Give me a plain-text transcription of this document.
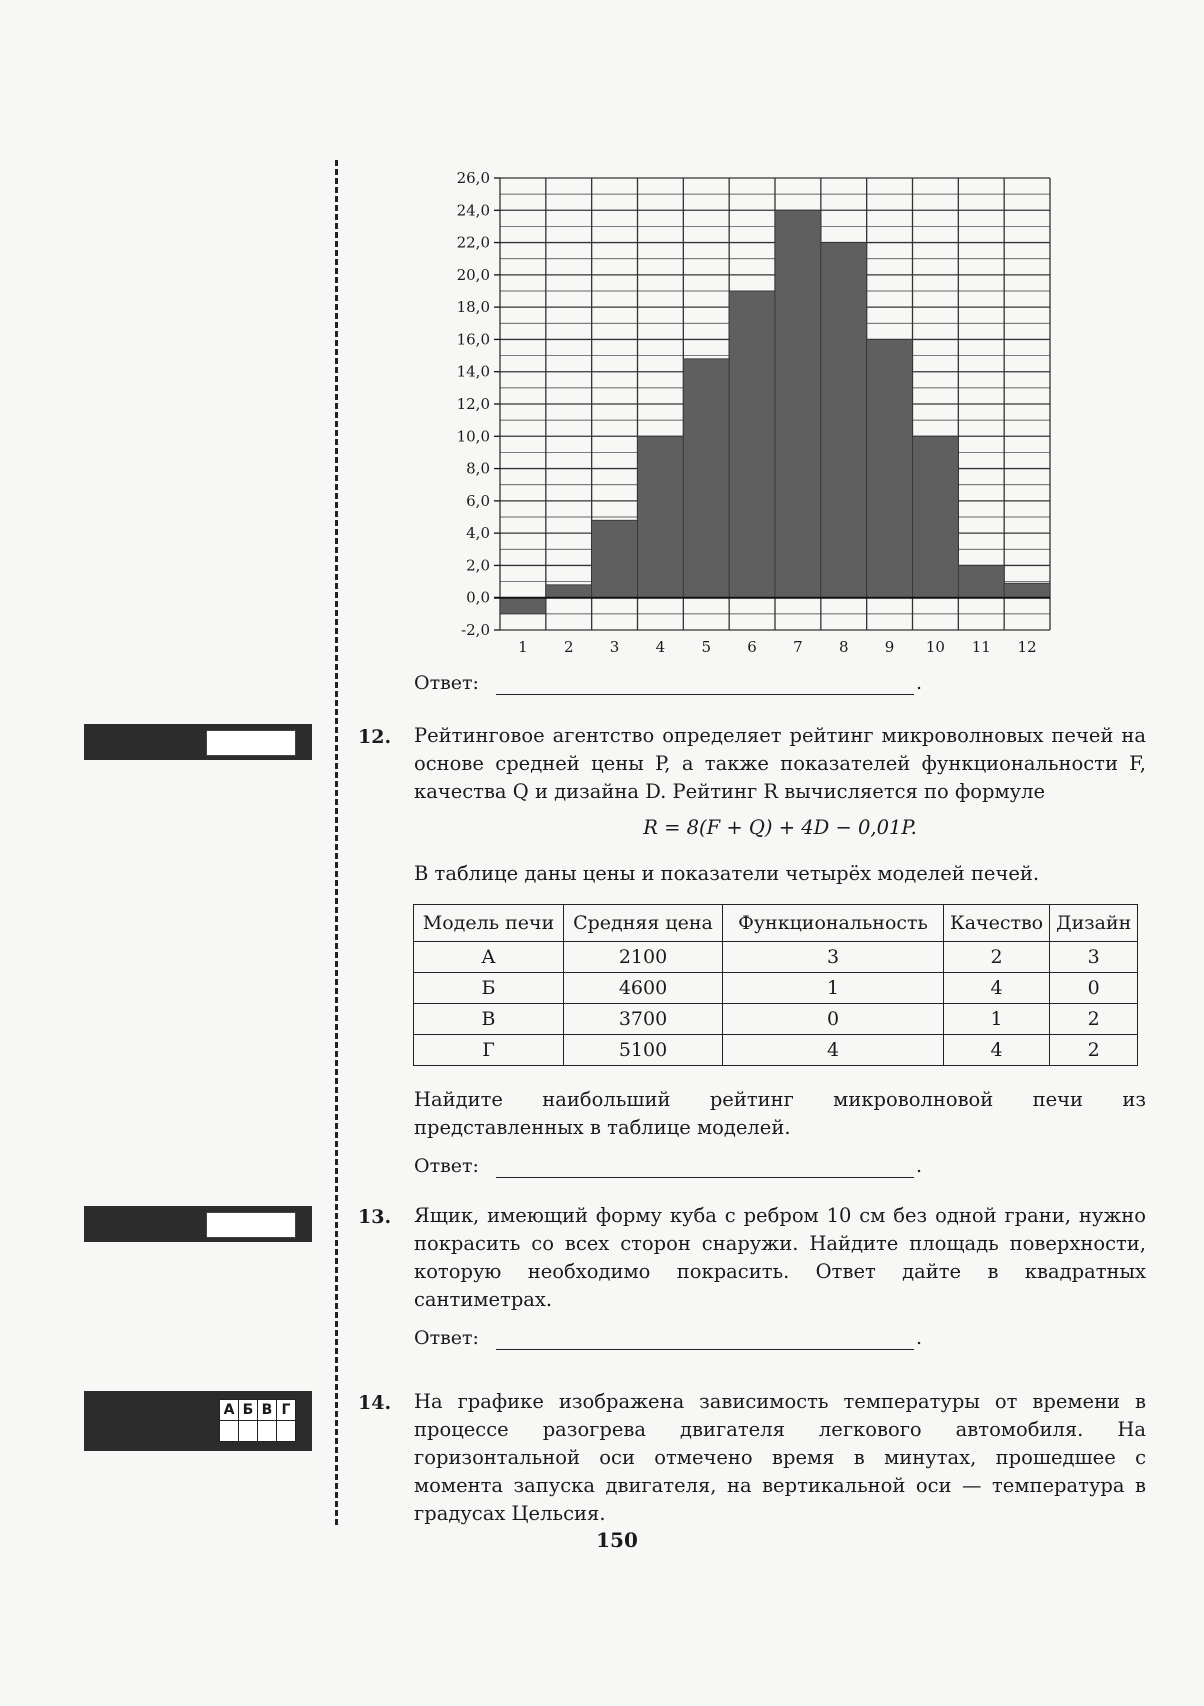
А	Б	В	Г

26,0
24,0
22,0
20,0
18,0
16,0
14,0
12,0
10,0
8,0
6,0
4,0
2,0
0,0
-2,0
1 2 3 4 5 6 7 8 9 10 11 12
Ответ:	.
12. Рейтинговое агентство определяет рейтинг микроволновых печей на основе средней цены P, а также показателей функциональности F, качества Q и дизайна D. Рейтинг R вычисляется по формуле
R = 8(F + Q) + 4D − 0,01P.
В таблице даны цены и показатели четырёх моделей печей.
Модель печи	Средняя цена	Функциональность	Качество	Дизайн
А	2100	3	2	3
Б	4600	1	4	0
В	3700	0	1	2
Г	5100	4	4	2
Найдите наибольший рейтинг микроволновой печи из представленных в таблице моделей.
Ответ:	.
13. Ящик, имеющий форму куба с ребром 10 см без одной грани, нужно покрасить со всех сторон снаружи. Найдите площадь поверхности, которую необходимо покрасить. Ответ дайте в квадратных сантиметрах.
Ответ:	.
14. На графике изображена зависимость температуры от времени в процессе разогрева двигателя легкового автомобиля. На горизонтальной оси отмечено время в минутах, прошедшее с момента запуска двигателя, на вертикальной оси — температура в градусах Цельсия.
150
